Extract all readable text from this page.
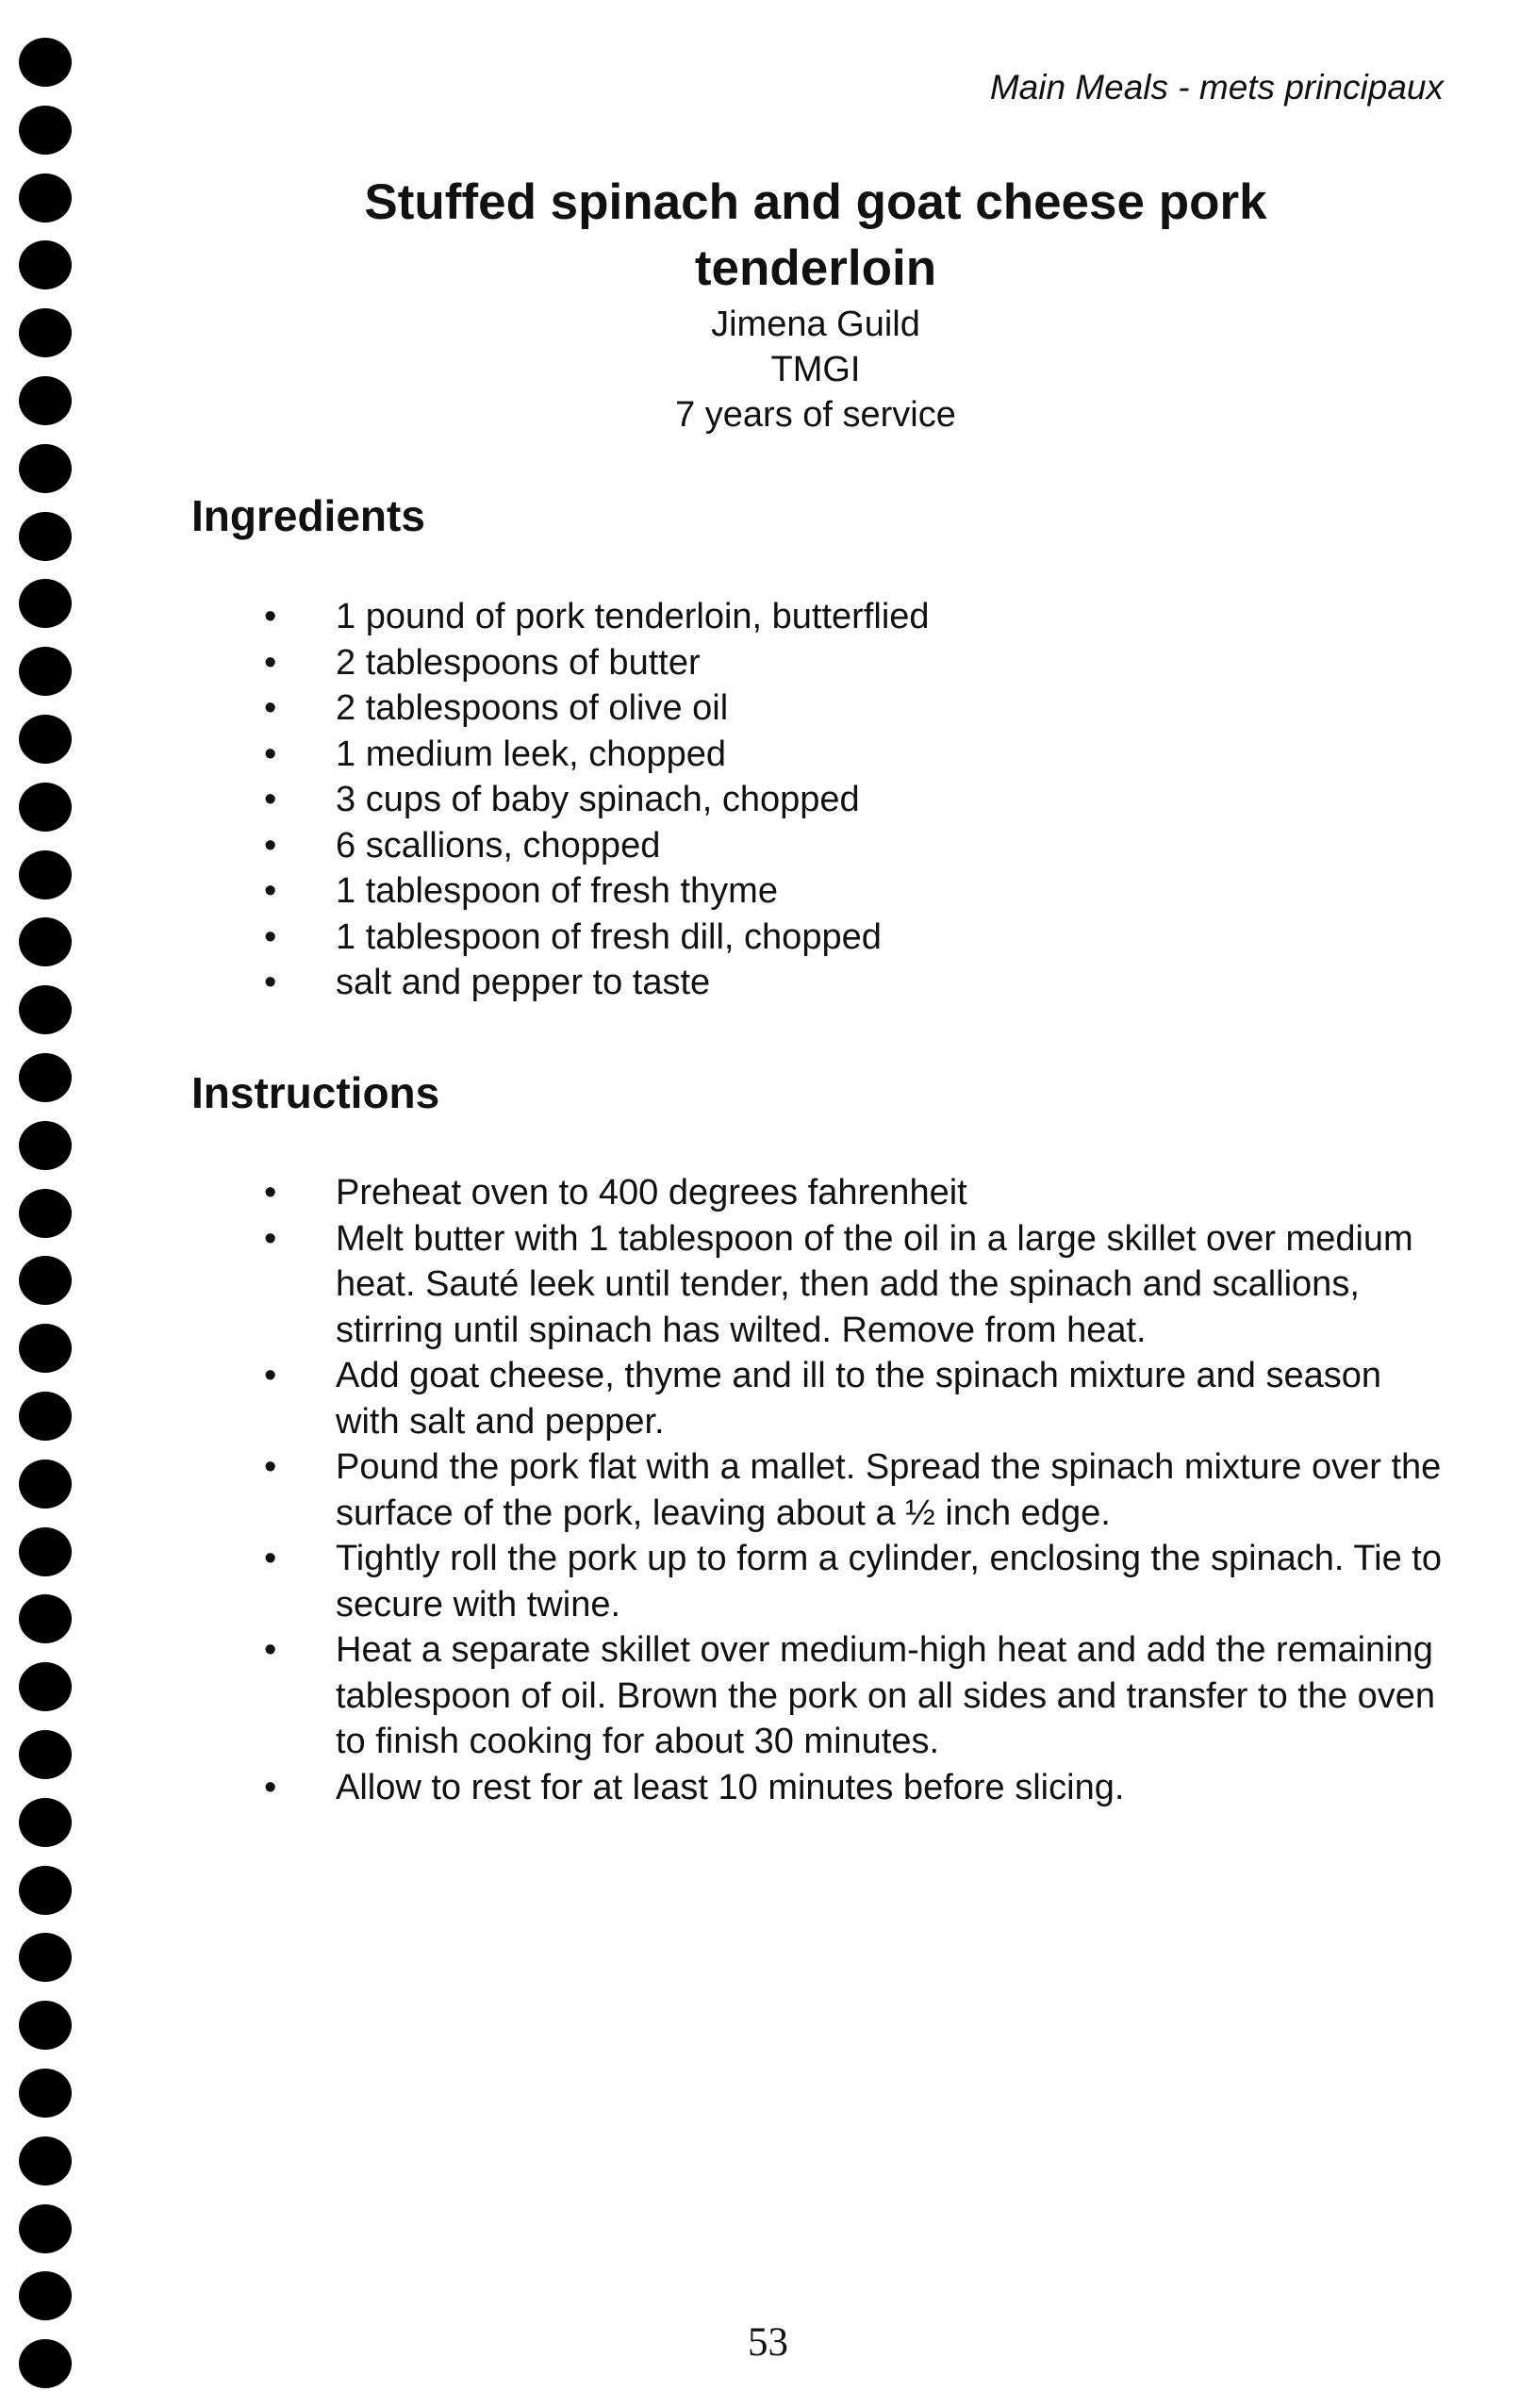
Main Meals - mets principaux

Stuffed spinach and goat cheese pork tenderloin

Jimena Guild

TMGI

7 years of service

Ingredients
• 1 pound of pork tenderloin, butterflied
• 2 tablespoons of butter
• 2 tablespoons of olive oil
• 1 medium leek, chopped
• 3 cups of baby spinach, chopped
• 6 scallions, chopped
• 1 tablespoon of fresh thyme
• 1 tablespoon of fresh dill, chopped
• salt and pepper to taste
Instructions
• Preheat oven to 400 degrees fahrenheit
• Melt butter with 1 tablespoon of the oil in a large skillet over medium heat. Sauté leek until tender, then add the spinach and scallions, stirring until spinach has wilted. Remove from heat.
• Add goat cheese, thyme and ill to the spinach mixture and season with salt and pepper.
• Pound the pork flat with a mallet. Spread the spinach mixture over the surface of the pork, leaving about a ½ inch edge.
• Tightly roll the pork up to form a cylinder, enclosing the spinach. Tie to secure with twine.
• Heat a separate skillet over medium-high heat and add the remaining tablespoon of oil. Brown the pork on all sides and transfer to the oven to finish cooking for about 30 minutes.
• Allow to rest for at least 10 minutes before slicing.

53
